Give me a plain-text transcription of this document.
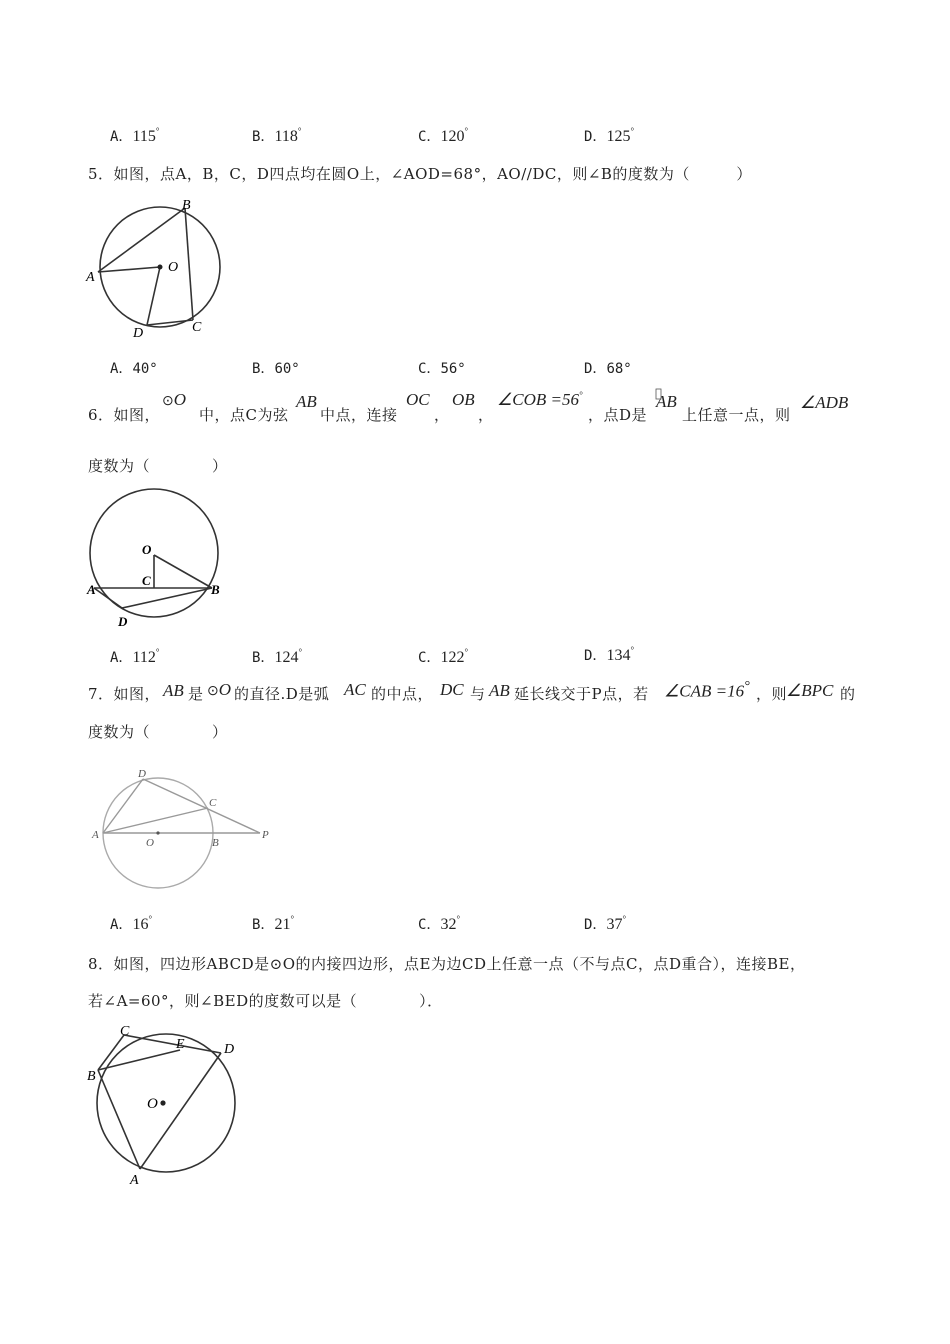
A．115°	B．118°	C．120°	D．125°
5．如图，点A，B，C，D四点均在圆O上，∠AOD=68°，AO//DC，则∠B的度数为（　　　）
A
B
C
D
O
A．40°	B．60°	C．56°	D．68°
6．如图，
⊙O
中，点C为弦
AB
中点，连接
OC
，
OB
，
∠COB =56°
，点D是
AB
上任意一点，则
∠ADB
度数为（　　　　）
A	B
C
D
O
A．112°	B．124°	C．122°	D．134°
7．如图， AB 是 ⊙O 的直径.D是弧 AC 的中点， DC 与 AB 延长线交于P点，若 ∠CAB =16° ，则
∠BPC 的
度数为（　　　　）
A
B
C
D
O
P
A．16°	B．21°	C．32°	D．37°
8．如图，四边形ABCD是⊙O的内接四边形，点E为边CD上任意一点（不与点C，点D重合），连接BE，
若∠A=60°，则∠BED的度数可以是（　　　　）．
B
C
E	D
A
O
